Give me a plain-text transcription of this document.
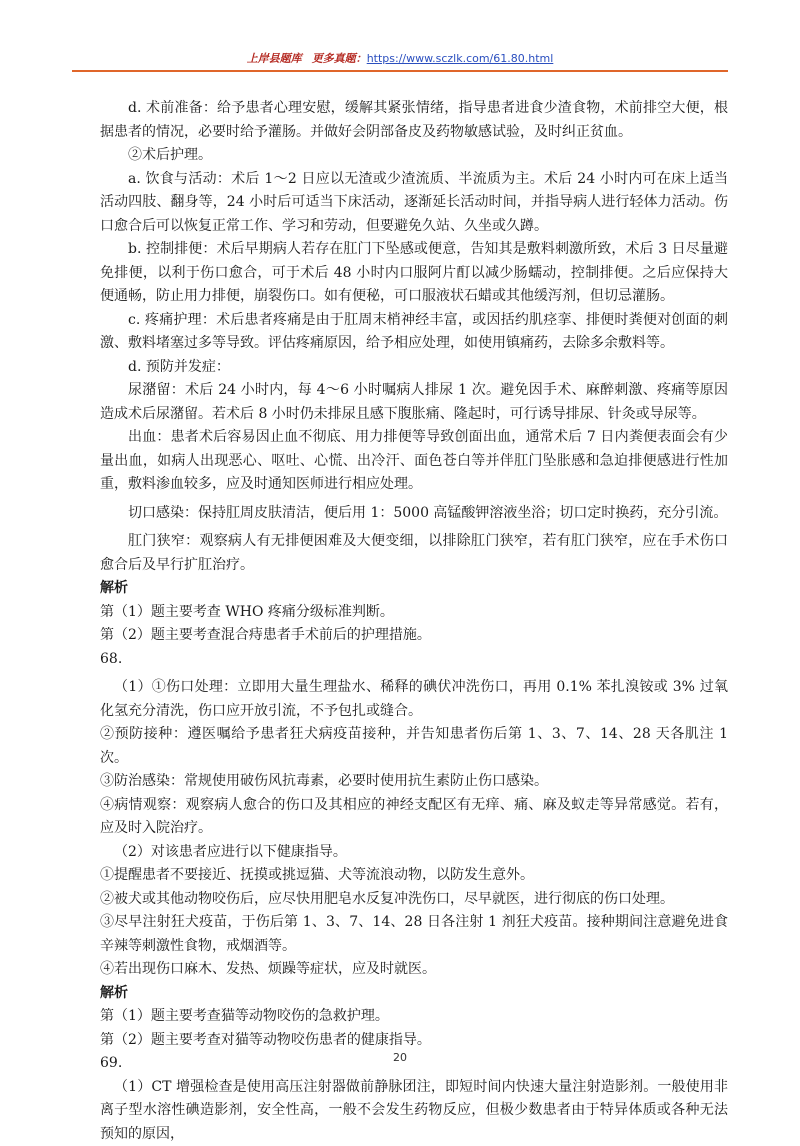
上岸县题库 更多真题：https://www.sczlk.com/61.80.html

d. 术前准备：给予患者心理安慰，缓解其紧张情绪，指导患者进食少渣食物，术前排空大便，根据患者的情况，必要时给予灌肠。并做好会阴部备皮及药物敏感试验，及时纠正贫血。

②术后护理。

a. 饮食与活动：术后 1～2 日应以无渣或少渣流质、半流质为主。术后 24 小时内可在床上适当活动四肢、翻身等，24 小时后可适当下床活动，逐渐延长活动时间，并指导病人进行轻体力活动。伤口愈合后可以恢复正常工作、学习和劳动，但要避免久站、久坐或久蹲。

b. 控制排便：术后早期病人若存在肛门下坠感或便意，告知其是敷料刺激所致，术后 3 日尽量避免排便，以利于伤口愈合，可于术后 48 小时内口服阿片酊以减少肠蠕动，控制排便。之后应保持大便通畅，防止用力排便，崩裂伤口。如有便秘，可口服液状石蜡或其他缓泻剂，但切忌灌肠。

c. 疼痛护理：术后患者疼痛是由于肛周末梢神经丰富，或因括约肌痉挛、排便时粪便对创面的刺激、敷料堵塞过多等导致。评估疼痛原因，给予相应处理，如使用镇痛药，去除多余敷料等。

d. 预防并发症：

尿潴留：术后 24 小时内，每 4～6 小时嘱病人排尿 1 次。避免因手术、麻醉刺激、疼痛等原因造成术后尿潴留。若术后 8 小时仍未排尿且感下腹胀痛、隆起时，可行诱导排尿、针灸或导尿等。

出血：患者术后容易因止血不彻底、用力排便等导致创面出血，通常术后 7 日内粪便表面会有少量出血，如病人出现恶心、呕吐、心慌、出冷汗、面色苍白等并伴肛门坠胀感和急迫排便感进行性加重，敷料渗血较多，应及时通知医师进行相应处理。

切口感染：保持肛周皮肤清洁，便后用 1：5000 高锰酸钾溶液坐浴；切口定时换药，充分引流。

肛门狭窄：观察病人有无排便困难及大便变细，以排除肛门狭窄，若有肛门狭窄，应在手术伤口愈合后及早行扩肛治疗。

解析

第（1）题主要考查 WHO 疼痛分级标准判断。

第（2）题主要考查混合痔患者手术前后的护理措施。

68.

（1）①伤口处理：立即用大量生理盐水、稀释的碘伏冲洗伤口，再用 0.1% 苯扎溴铵或 3% 过氧化氢充分清洗，伤口应开放引流，不予包扎或缝合。

②预防接种：遵医嘱给予患者狂犬病疫苗接种，并告知患者伤后第 1、3、7、14、28 天各肌注 1 次。

③防治感染：常规使用破伤风抗毒素，必要时使用抗生素防止伤口感染。

④病情观察：观察病人愈合的伤口及其相应的神经支配区有无痒、痛、麻及蚁走等异常感觉。若有，应及时入院治疗。

（2）对该患者应进行以下健康指导。

①提醒患者不要接近、抚摸或挑逗猫、犬等流浪动物，以防发生意外。

②被犬或其他动物咬伤后，应尽快用肥皂水反复冲洗伤口，尽早就医，进行彻底的伤口处理。

③尽早注射狂犬疫苗，于伤后第 1、3、7、14、28 日各注射 1 剂狂犬疫苗。接种期间注意避免进食辛辣等刺激性食物，戒烟酒等。

④若出现伤口麻木、发热、烦躁等症状，应及时就医。

解析

第（1）题主要考查猫等动物咬伤的急救护理。

第（2）题主要考查对猫等动物咬伤患者的健康指导。

69.

（1）CT 增强检查是使用高压注射器做前静脉团注，即短时间内快速大量注射造影剂。一般使用非离子型水溶性碘造影剂，安全性高，一般不会发生药物反应，但极少数患者由于特异体质或各种无法预知的原因，

20
